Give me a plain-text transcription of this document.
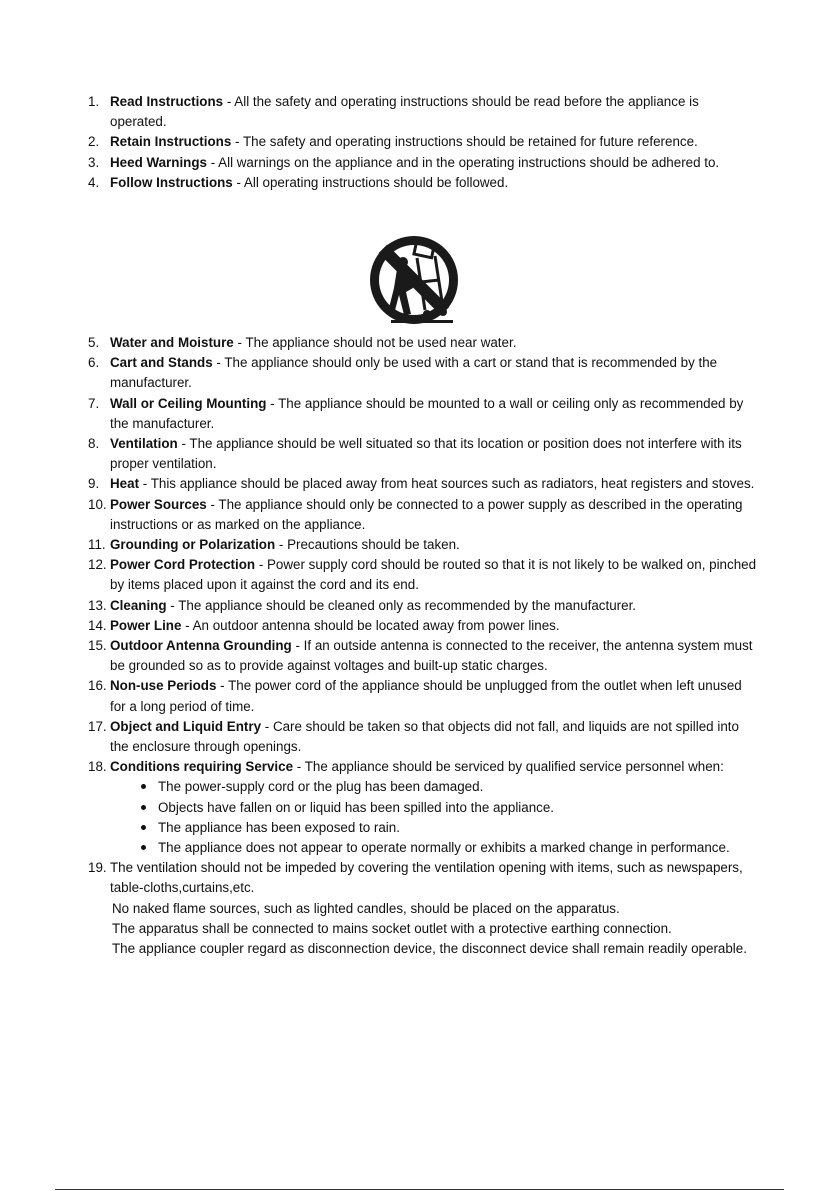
1. Read Instructions - All the safety and operating instructions should be read before the appliance is operated.
2. Retain Instructions - The safety and operating instructions should be retained for future reference.
3. Heed Warnings - All warnings on the appliance and in the operating instructions should be adhered to.
4. Follow Instructions - All operating instructions should be followed.
5. Water and Moisture - The appliance should not be used near water.
6. Cart and Stands - The appliance should only be used with a cart or stand that is recommended by the manufacturer.
7. Wall or Ceiling Mounting - The appliance should be mounted to a wall or ceiling only as recommended by the manufacturer.
8. Ventilation - The appliance should be well situated so that its location or position does not interfere with its proper ventilation.
9. Heat - This appliance should be placed away from heat sources such as radiators, heat registers and stoves.
10. Power Sources - The appliance should only be connected to a power supply as described in the operating instructions or as marked on the appliance.
11. Grounding or Polarization - Precautions should be taken.
12. Power Cord Protection - Power supply cord should be routed so that it is not likely to be walked on, pinched by items placed upon it against the cord and its end.
13. Cleaning - The appliance should be cleaned only as recommended by the manufacturer.
14. Power Line - An outdoor antenna should be located away from power lines.
15. Outdoor Antenna Grounding - If an outside antenna is connected to the receiver, the antenna system must be grounded so as to provide against voltages and built-up static charges.
16. Non-use Periods - The power cord of the appliance should be unplugged from the outlet when left unused for a long period of time.
17. Object and Liquid Entry - Care should be taken so that objects did not fall, and liquids are not spilled into the enclosure through openings.
18. Conditions requiring Service - The appliance should be serviced by qualified service personnel when:
The power-supply cord or the plug has been damaged.
Objects have fallen on or liquid has been spilled into the appliance.
The appliance has been exposed to rain.
The appliance does not appear to operate normally or exhibits a marked change in performance.
19. The ventilation should not be impeded by covering the ventilation opening with items, such as newspapers, table-cloths,curtains,etc.
No naked flame sources, such as lighted candles, should be placed on the apparatus.
The apparatus shall be connected to mains socket outlet with a protective earthing connection.
The appliance coupler regard as disconnection device, the disconnect device shall remain readily operable.
